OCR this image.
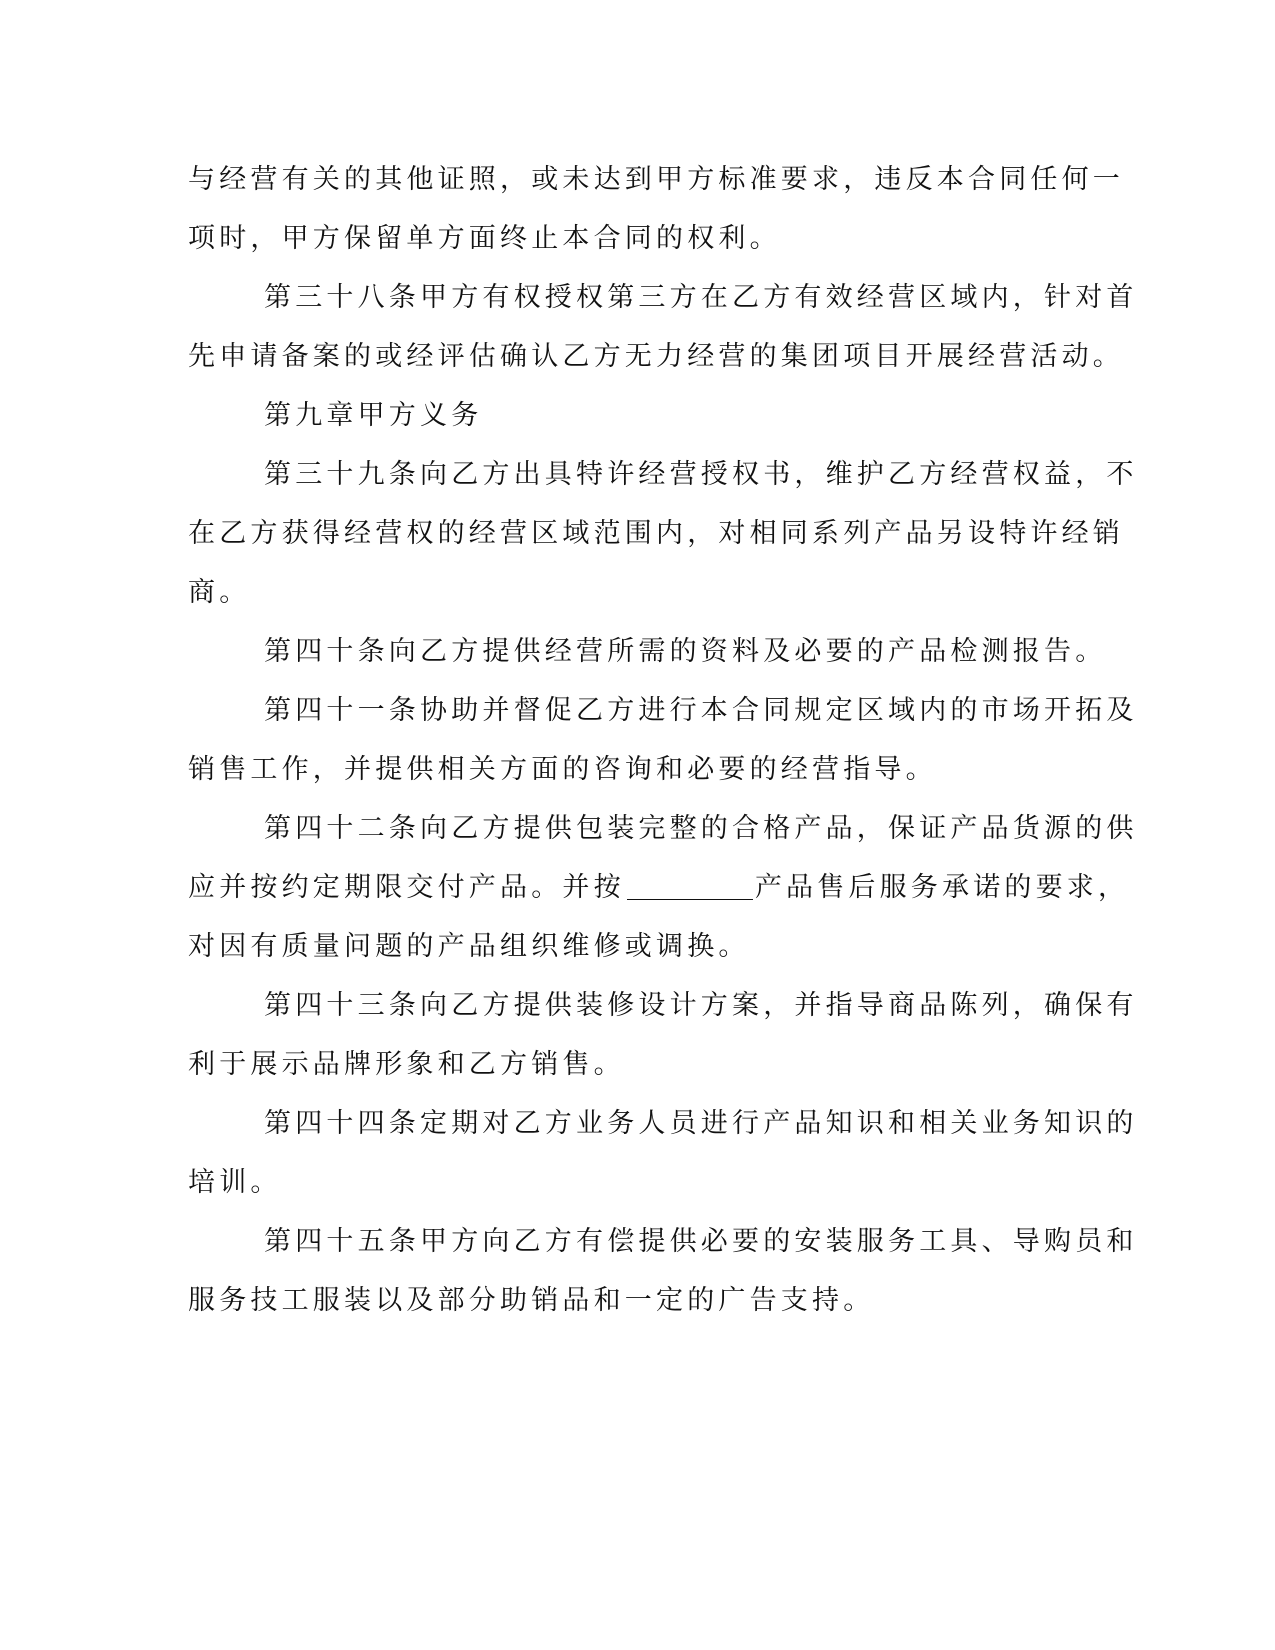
与经营有关的其他证照，或未达到甲方标准要求，违反本合同任何一
项时，甲方保留单方面终止本合同的权利。
第三十八条甲方有权授权第三方在乙方有效经营区域内，针对首
先申请备案的或经评估确认乙方无力经营的集团项目开展经营活动。
第九章甲方义务
第三十九条向乙方出具特许经营授权书，维护乙方经营权益，不
在乙方获得经营权的经营区域范围内，对相同系列产品另设特许经销
商。
第四十条向乙方提供经营所需的资料及必要的产品检测报告。
第四十一条协助并督促乙方进行本合同规定区域内的市场开拓及
销售工作，并提供相关方面的咨询和必要的经营指导。
第四十二条向乙方提供包装完整的合格产品，保证产品货源的供
应并按约定期限交付产品。并按	产品售后服务承诺的要求，
对因有质量问题的产品组织维修或调换。
第四十三条向乙方提供装修设计方案，并指导商品陈列，确保有
利于展示品牌形象和乙方销售。
第四十四条定期对乙方业务人员进行产品知识和相关业务知识的
培训。
第四十五条甲方向乙方有偿提供必要的安装服务工具、导购员和
服务技工服装以及部分助销品和一定的广告支持。
